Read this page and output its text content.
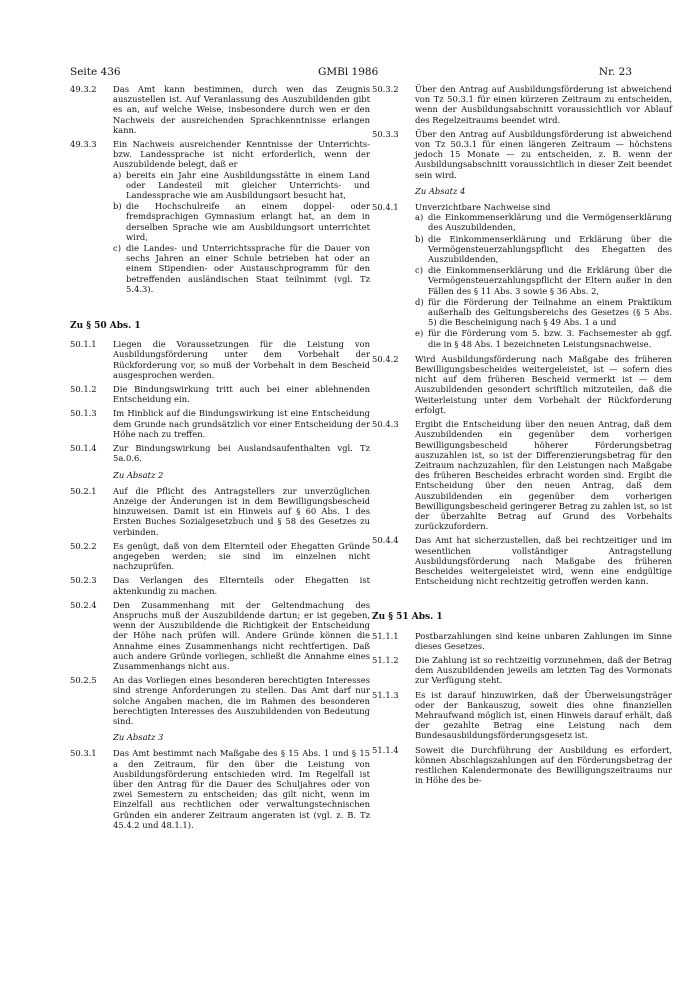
Seite 436	GMBl 1986	Nr. 23
49.3.2	Das Amt kann bestimmen, durch wen das Zeugnis auszustellen ist. Auf Veranlassung des Auszubildenden gibt es an, auf welche Weise, insbesondere durch wen er den Nachweis der ausreichenden Sprachkenntnisse erlangen kann.

49.3.3	Ein Nachweis ausreichender Kenntnisse der Unterrichts- bzw. Landessprache ist nicht erforderlich, wenn der Auszubildende belegt, daß er

a) bereits ein Jahr eine Ausbildungsstätte in einem Land oder Landesteil mit gleicher Unterrichts- und Landessprache wie am Ausbildungsort besucht hat,
b) die Hochschulreife an einem doppel- oder fremdsprachigen Gymnasium erlangt hat, an dem in derselben Sprache wie am Ausbildungsort unterrichtet wird,
c) die Landes- und Unterrichtssprache für die Dauer von sechs Jahren an einer Schule betrieben hat oder an einem Stipendien- oder Austauschprogramm für den betreffenden ausländischen Staat teilnimmt (vgl. Tz 5.4.3).
Zu § 50 Abs. 1
50.1.1	Liegen die Voraussetzungen für die Leistung von Ausbildungsförderung unter dem Vorbehalt der Rückforderung vor, so muß der Vorbehalt in dem Bescheid ausgesprochen werden.

50.1.2	Die Bindungswirkung tritt auch bei einer ablehnenden Entscheidung ein.

50.1.3	Im Hinblick auf die Bindungswirkung ist eine Entscheidung dem Grunde nach grundsätzlich vor einer Entscheidung der Höhe nach zu treffen.

50.1.4	Zur Bindungswirkung bei Auslandsaufenthalten vgl. Tz 5a.0.6.

Zu Absatz 2
50.2.1	Auf die Pflicht des Antragstellers zur unverzüglichen Anzeige der Änderungen ist in dem Bewilligungsbescheid hinzuweisen. Damit ist ein Hinweis auf § 60 Abs. 1 des Ersten Buches Sozialgesetzbuch und § 58 des Gesetzes zu verbinden.

50.2.2	Es genügt, daß von dem Elternteil oder Ehegatten Gründe angegeben werden; sie sind im einzelnen nicht nachzuprüfen.

50.2.3	Das Verlangen des Elternteils oder Ehegatten ist aktenkundig zu machen.

50.2.4	Den Zusammenhang mit der Geltendmachung des Anspruchs muß der Auszubildende dartun; er ist gegeben, wenn der Auszubildende die Richtigkeit der Entscheidung der Höhe nach prüfen will. Andere Gründe können die Annahme eines Zusammenhangs nicht rechtfertigen. Daß auch andere Gründe vorliegen, schließt die Annahme eines Zusammenhangs nicht aus.

50.2.5	An das Vorliegen eines besonderen berechtigten Interesses sind strenge Anforderungen zu stellen. Das Amt darf nur solche Angaben machen, die im Rahmen des besonderen berechtigten Interesses des Auszubildenden von Bedeutung sind.

Zu Absatz 3
50.3.1	Das Amt bestimmt nach Maßgabe des § 15 Abs. 1 und § 15 a den Zeitraum, für den über die Leistung von Ausbildungsförderung entschieden wird. Im Regelfall ist über den Antrag für die Dauer des Schuljahres oder von zwei Semestern zu entscheiden; das gilt nicht, wenn im Einzelfall aus rechtlichen oder verwaltungstechnischen Gründen ein anderer Zeitraum angeraten ist (vgl. z. B. Tz 45.4.2 und 48.1.1).

50.3.2	Über den Antrag auf Ausbildungsförderung ist abweichend von Tz 50.3.1 für einen kürzeren Zeitraum zu entscheiden, wenn der Ausbildungsabschnitt voraussichtlich vor Ablauf des Regelzeitraums beendet wird.

50.3.3	Über den Antrag auf Ausbildungsförderung ist abweichend von Tz 50.3.1 für einen längeren Zeitraum — höchstens jedoch 15 Monate — zu entscheiden, z. B. wenn der Ausbildungsabschnitt voraussichtlich in dieser Zeit beendet sein wird.

Zu Absatz 4
50.4.1	Unverzichtbare Nachweise sind

a) die Einkommenserklärung und die Vermögenserklärung des Auszubildenden,
b) die Einkommenserklärung und Erklärung über die Vermögensteuerzahlungspflicht des Ehegatten des Auszubildenden,
c) die Einkommenserklärung und die Erklärung über die Vermögensteuerzahlungspflicht der Eltern außer in den Fällen des § 11 Abs. 3 sowie § 36 Abs. 2,
d) für die Förderung der Teilnahme an einem Praktikum außerhalb des Geltungsbereichs des Gesetzes (§ 5 Abs. 5) die Bescheinigung nach § 49 Abs. 1 a und
e) für die Förderung vom 5. bzw. 3. Fachsemester ab ggf. die in § 48 Abs. 1 bezeichneten Leistungsnachweise.
50.4.2	Wird Ausbildungsförderung nach Maßgabe des früheren Bewilligungsbescheides weitergeleistet, ist — sofern dies nicht auf dem früheren Bescheid vermerkt ist — dem Auszubildenden gesondert schriftlich mitzuteilen, daß die Weiterleistung unter dem Vorbehalt der Rückforderung erfolgt.

50.4.3	Ergibt die Entscheidung über den neuen Antrag, daß dem Auszubildenden ein gegenüber dem vorherigen Bewilligungsbescheid höherer Förderungsbetrag auszuzahlen ist, so ist der Differenzierungsbetrag für den Zeitraum nachzuzahlen, für den Leistungen nach Maßgabe des früheren Bescheides erbracht worden sind. Ergibt die Entscheidung über den neuen Antrag, daß dem Auszubildenden ein gegenüber dem vorherigen Bewilligungsbescheid geringerer Betrag zu zahlen ist, so ist der überzahlte Betrag auf Grund des Vorbehalts zurückzufordern.

50.4.4	Das Amt hat sicherzustellen, daß bei rechtzeitiger und im wesentlichen vollständiger Antragstellung Ausbildungsförderung nach Maßgabe des früheren Bescheides weitergeleistet wird, wenn eine endgültige Entscheidung nicht rechtzeitig getroffen werden kann.

Zu § 51 Abs. 1
51.1.1	Postbarzahlungen sind keine unbaren Zahlungen im Sinne dieses Gesetzes.

51.1.2	Die Zahlung ist so rechtzeitig vorzunehmen, daß der Betrag dem Auszubildenden jeweils am letzten Tag des Vormonats zur Verfügung steht.

51.1.3	Es ist darauf hinzuwirken, daß der Überweisungsträger oder der Bankauszug, soweit dies ohne finanziellen Mehraufwand möglich ist, einen Hinweis darauf erhält, daß der gezahlte Betrag eine Leistung nach dem Bundesausbildungsförderungsgesetz ist.

51.1.4	Soweit die Durchführung der Ausbildung es erfordert, können Abschlagszahlungen auf den Förderungsbetrag der restlichen Kalendermonate des Bewilligungszeitraums nur in Höhe des be-
